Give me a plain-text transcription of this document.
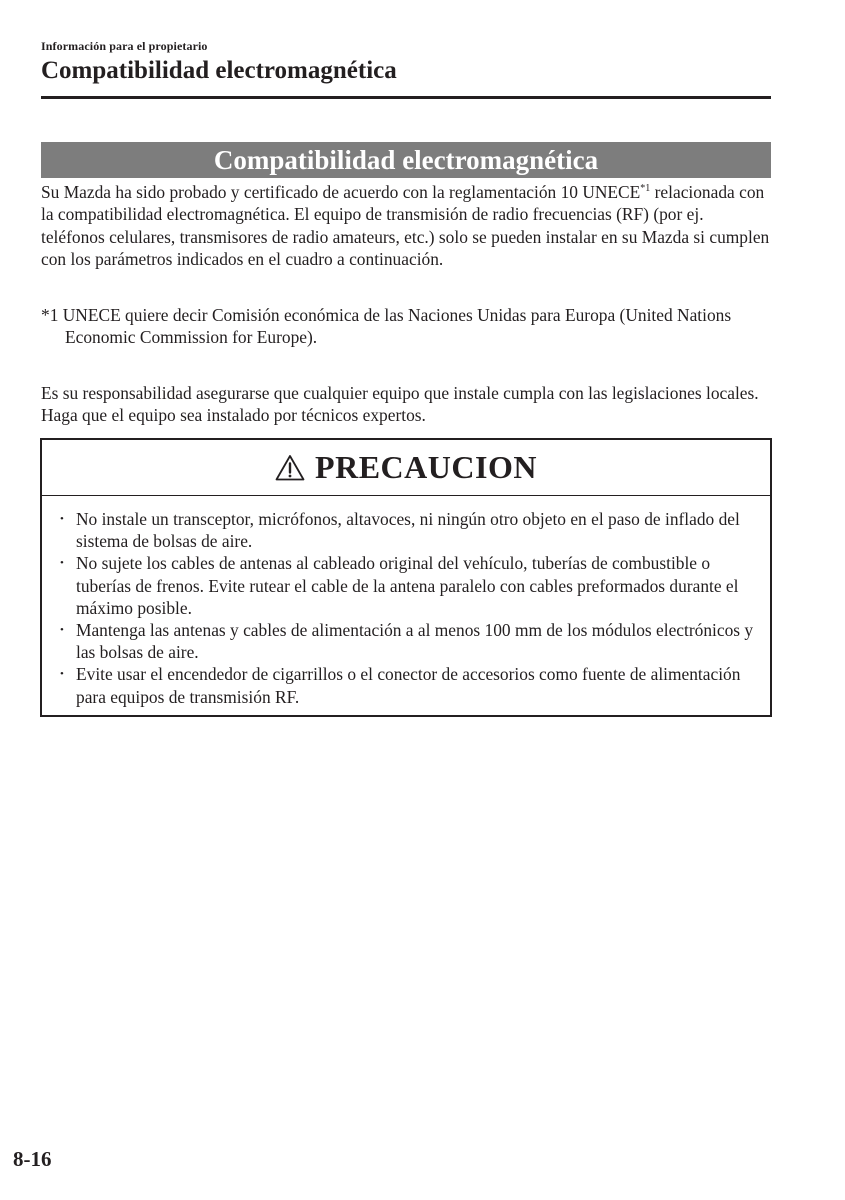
Información para el propietario
Compatibilidad electromagnética
Compatibilidad electromagnética

Su Mazda ha sido probado y certificado de acuerdo con la reglamentación 10 UNECE$^{*1}$ relacionada con la compatibilidad electromagnética. El equipo de transmisión de radio frecuencias (RF) (por ej. teléfonos celulares, transmisores de radio amateurs, etc.) solo se pueden instalar en su Mazda si cumplen con los parámetros indicados en el cuadro a continuación.

*1 UNECE quiere decir Comisión económica de las Naciones Unidas para Europa (United Nations Economic Commission for Europe).

Es su responsabilidad asegurarse que cualquier equipo que instale cumpla con las legislaciones locales. Haga que el equipo sea instalado por técnicos expertos.

PRECAUCION
• No instale un transceptor, micrófonos, altavoces, ni ningún otro objeto en el paso de inflado del sistema de bolsas de aire.
• No sujete los cables de antenas al cableado original del vehículo, tuberías de combustible o tuberías de frenos. Evite rutear el cable de la antena paralelo con cables preformados durante el máximo posible.
• Mantenga las antenas y cables de alimentación a al menos 100 mm de los módulos electrónicos y las bolsas de aire.
• Evite usar el encendedor de cigarrillos o el conector de accesorios como fuente de alimentación para equipos de transmisión RF.
8-16
